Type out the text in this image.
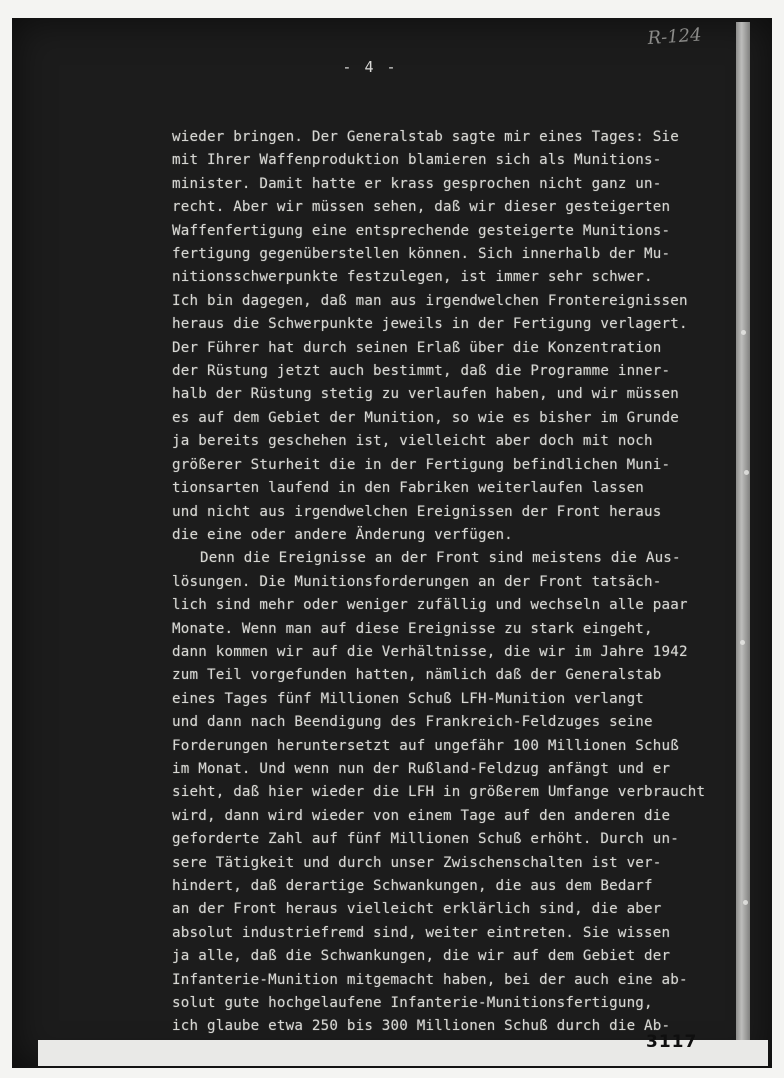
R-124
- 4 -
wieder bringen. Der Generalstab sagte mir eines Tages: Sie
mit Ihrer Waffenproduktion blamieren sich als Munitions-
minister. Damit hatte er krass gesprochen nicht ganz un-
recht. Aber wir müssen sehen, daß wir dieser gesteigerten
Waffenfertigung eine entsprechende gesteigerte Munitions-
fertigung gegenüberstellen können. Sich innerhalb der Mu-
nitionsschwerpunkte festzulegen, ist immer sehr schwer.
Ich bin dagegen, daß man aus irgendwelchen Frontereignissen
heraus die Schwerpunkte jeweils in der Fertigung verlagert.
Der Führer hat durch seinen Erlaß über die Konzentration
der Rüstung jetzt auch bestimmt, daß die Programme inner-
halb der Rüstung stetig zu verlaufen haben, und wir müssen
es auf dem Gebiet der Munition, so wie es bisher im Grunde
ja bereits geschehen ist, vielleicht aber doch mit noch
größerer Sturheit die in der Fertigung befindlichen Muni-
tionsarten laufend in den Fabriken weiterlaufen lassen
und nicht aus irgendwelchen Ereignissen der Front heraus
die eine oder andere Änderung verfügen.
Denn die Ereignisse an der Front sind meistens die Aus-
lösungen. Die Munitionsforderungen an der Front tatsäch-
lich sind mehr oder weniger zufällig und wechseln alle paar
Monate. Wenn man auf diese Ereignisse zu stark eingeht,
dann kommen wir auf die Verhältnisse, die wir im Jahre 1942
zum Teil vorgefunden hatten, nämlich daß der Generalstab
eines Tages fünf Millionen Schuß LFH-Munition verlangt
und dann nach Beendigung des Frankreich-Feldzuges seine
Forderungen heruntersetzt auf ungefähr 100 Millionen Schuß
im Monat. Und wenn nun der Rußland-Feldzug anfängt und er
sieht, daß hier wieder die LFH in größerem Umfange verbraucht
wird, dann wird wieder von einem Tage auf den anderen die
geforderte Zahl auf fünf Millionen Schuß erhöht. Durch un-
sere Tätigkeit und durch unser Zwischenschalten ist ver-
hindert, daß derartige Schwankungen, die aus dem Bedarf
an der Front heraus vielleicht erklärlich sind, die aber
absolut industriefremd sind, weiter eintreten. Sie wissen
ja alle, daß die Schwankungen, die wir auf dem Gebiet der
Infanterie-Munition mitgemacht haben, bei der auch eine ab-
solut gute hochgelaufene Infanterie-Munitionsfertigung,
ich glaube etwa 250 bis 300 Millionen Schuß durch die Ab-
3117
